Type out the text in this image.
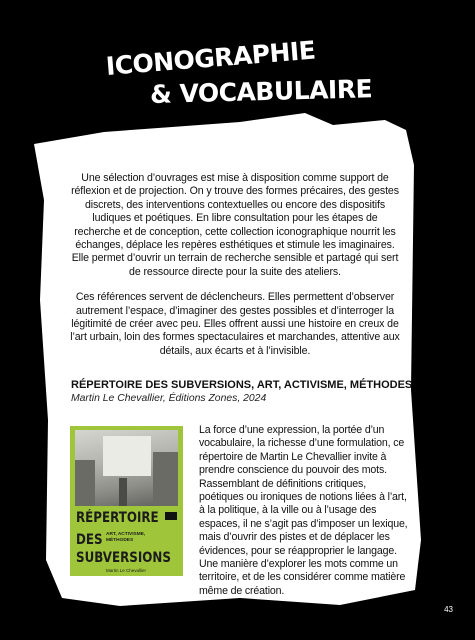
ICONOGRAPHIE
& VOCABULAIRE

Une sélection d’ouvrages est mise à disposition comme support de réflexion et de projection. On y trouve des formes précaires, des gestes discrets, des interventions contextuelles ou encore des dispositifs ludiques et poétiques. En libre consultation pour les étapes de recherche et de conception, cette collection iconographique nourrit les échanges, déplace les repères esthétiques et stimule les imaginaires. Elle permet d’ouvrir un terrain de recherche sensible et partagé qui sert de ressource directe pour la suite des ateliers.

Ces références servent de déclencheurs. Elles permettent d’observer autrement l’espace, d’imaginer des gestes possibles et d’interroger la légitimité de créer avec peu. Elles offrent aussi une histoire en creux de l’art urbain, loin des formes spectaculaires et marchandes, attentive aux détails, aux écarts et à l’invisible.

RÉPERTOIRE DES SUBVERSIONS, ART, ACTIVISME, MÉTHODES

Martin Le Chevallier, Éditions Zones, 2024

RÉPERTOIRE

DES ART, ACTIVISME,
MÉTHODES

SUBVERSIONS

Martin Le Chevallier

La force d’une expression, la portée d’un vocabulaire, la richesse d’une formulation, ce répertoire de Martin Le Chevallier invite à prendre conscience du pouvoir des mots. Rassemblant de définitions critiques, poétiques ou ironiques de notions liées à l’art, à la politique, à la ville ou à l’usage des espaces, il ne s’agit pas d’imposer un lexique, mais d’ouvrir des pistes et de déplacer les évidences, pour se réapproprier le langage. Une manière d’explorer les mots comme un territoire, et de les considérer comme matière même de création.

43
